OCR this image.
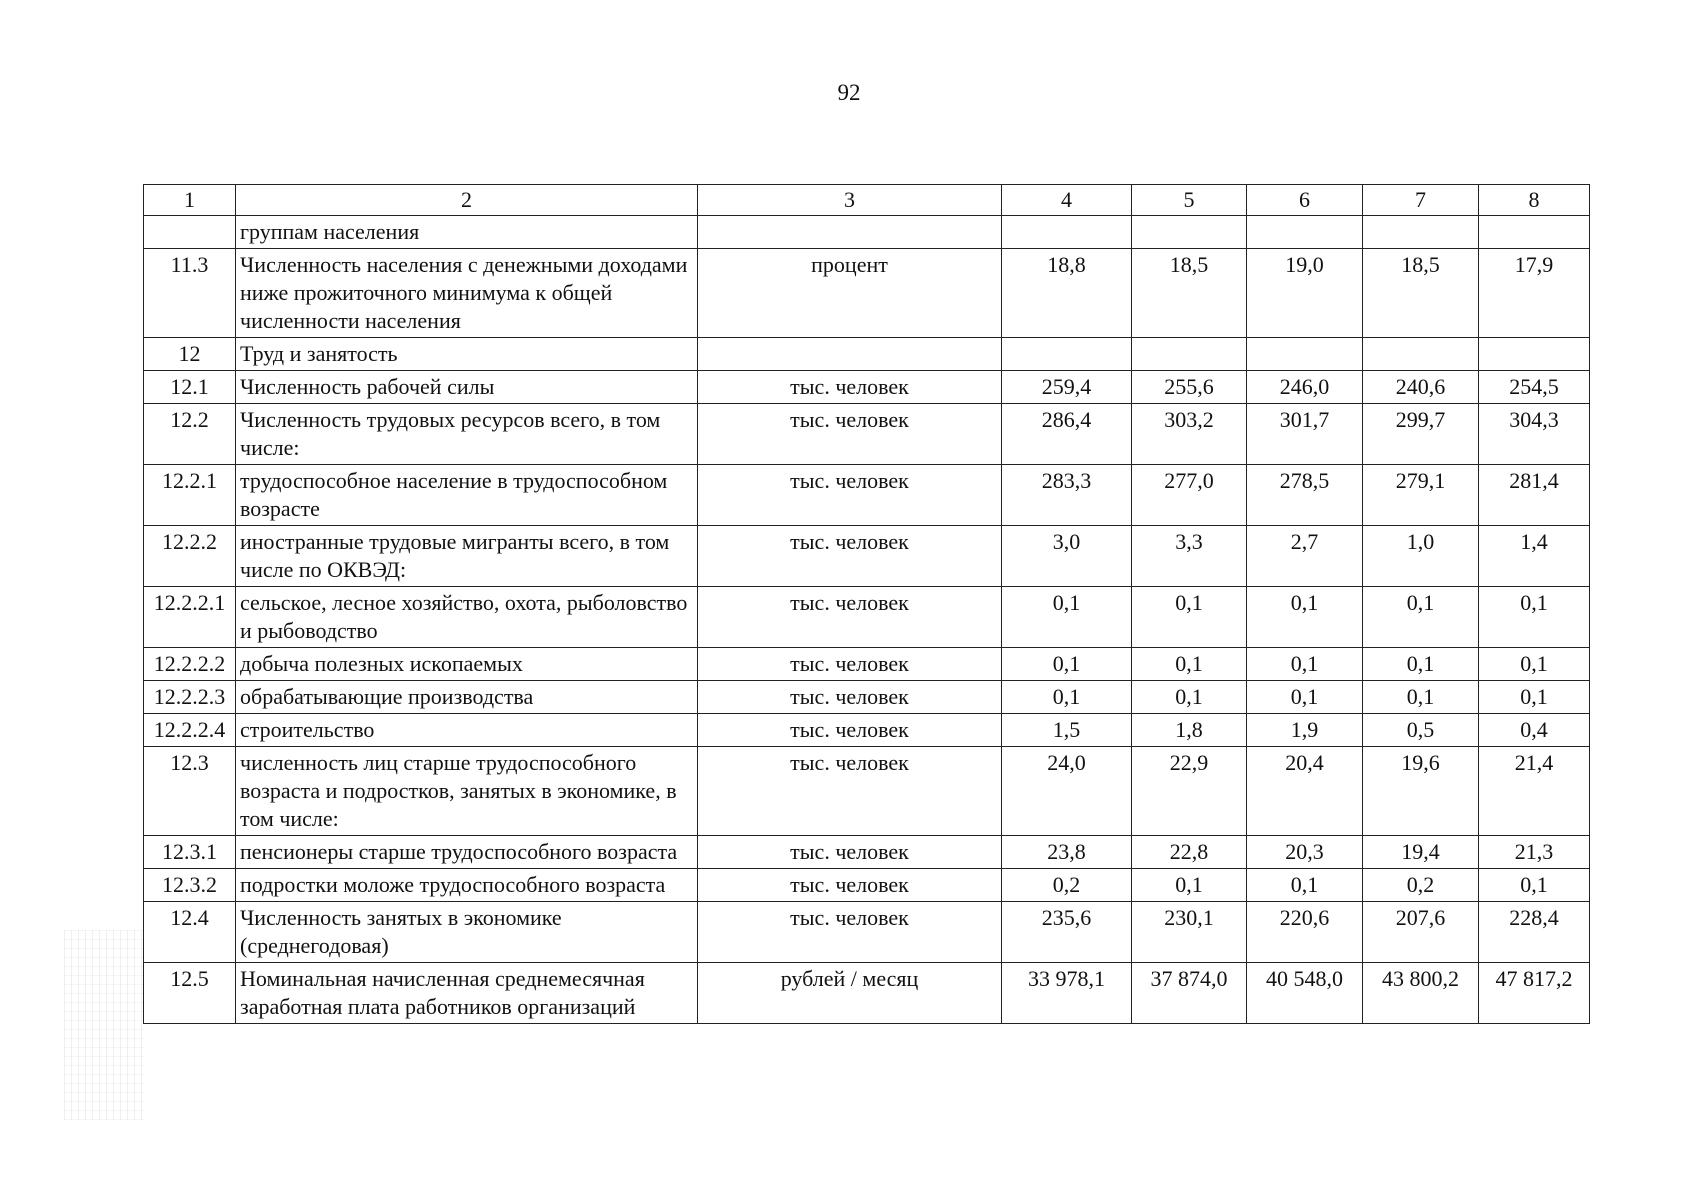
92
1	2	3	4	5	6	7	8
	группам населения						
11.3	Численность населения с денежными доходами ниже прожиточного минимума к общей численности населения	процент	18,8	18,5	19,0	18,5	17,9
12	Труд и занятость						
12.1	Численность рабочей силы	тыс. человек	259,4	255,6	246,0	240,6	254,5
12.2	Численность трудовых ресурсов всего, в том числе:	тыс. человек	286,4	303,2	301,7	299,7	304,3
12.2.1	трудоспособное население в трудоспособном возрасте	тыс. человек	283,3	277,0	278,5	279,1	281,4
12.2.2	иностранные трудовые мигранты всего, в том числе по ОКВЭД:	тыс. человек	3,0	3,3	2,7	1,0	1,4
12.2.2.1	сельское, лесное хозяйство, охота, рыболовство и рыбоводство	тыс. человек	0,1	0,1	0,1	0,1	0,1
12.2.2.2	добыча полезных ископаемых	тыс. человек	0,1	0,1	0,1	0,1	0,1
12.2.2.3	обрабатывающие производства	тыс. человек	0,1	0,1	0,1	0,1	0,1
12.2.2.4	строительство	тыс. человек	1,5	1,8	1,9	0,5	0,4
12.3	численность лиц старше трудоспособного возраста и подростков, занятых в экономике, в том числе:	тыс. человек	24,0	22,9	20,4	19,6	21,4
12.3.1	пенсионеры старше трудоспособного возраста	тыс. человек	23,8	22,8	20,3	19,4	21,3
12.3.2	подростки моложе трудоспособного возраста	тыс. человек	0,2	0,1	0,1	0,2	0,1
12.4	Численность занятых в экономике (среднегодовая)	тыс. человек	235,6	230,1	220,6	207,6	228,4
12.5	Номинальная начисленная среднемесячная заработная плата работников организаций	рублей / месяц	33 978,1	37 874,0	40 548,0	43 800,2	47 817,2
